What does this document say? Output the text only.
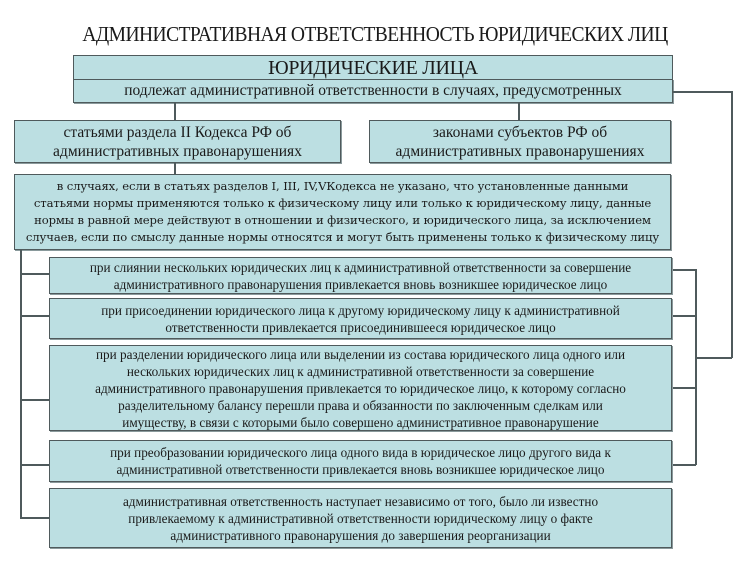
АДМИНИСТРАТИВНАЯ ОТВЕТСТВЕННОСТЬ ЮРИДИЧЕСКИХ ЛИЦ
ЮРИДИЧЕСКИЕ ЛИЦА
подлежат административной ответственности в случаях, предусмотренных
статьями раздела II Кодекса РФ об
административных правонарушениях
законами субъектов РФ об
административных правонарушениях
в случаях, если в статьях разделов I, III, IV,VКодекса не указано, что установленные данными
статьями нормы применяются только к физическому лицу или только к юридическому лицу, данные
нормы в равной мере действуют в отношении и физического, и юридического лица, за исключением
случаев, если по смыслу данные нормы относятся и могут быть применены только к физическому лицу
при слиянии нескольких юридических лиц к административной ответственности за совершение
административного правонарушения привлекается вновь возникшее юридическое лицо
при присоединении юридического лица к другому юридическому лицу к административной
ответственности привлекается присоединившееся юридическое лицо
при разделении юридического лица или выделении из состава юридического лица одного или
нескольких юридических лиц к административной ответственности за совершение
административного правонарушения привлекается то юридическое лицо, к которому согласно
разделительному балансу перешли права и обязанности по заключенным сделкам или
имуществу, в связи с которыми было совершено административное правонарушение
при преобразовании юридического лица одного вида в юридическое лицо другого вида к
административной ответственности привлекается вновь возникшее юридическое лицо
административная ответственность наступает независимо от того, было ли известно
привлекаемому к административной ответственности юридическому лицу о факте
административного правонарушения до завершения реорганизации
